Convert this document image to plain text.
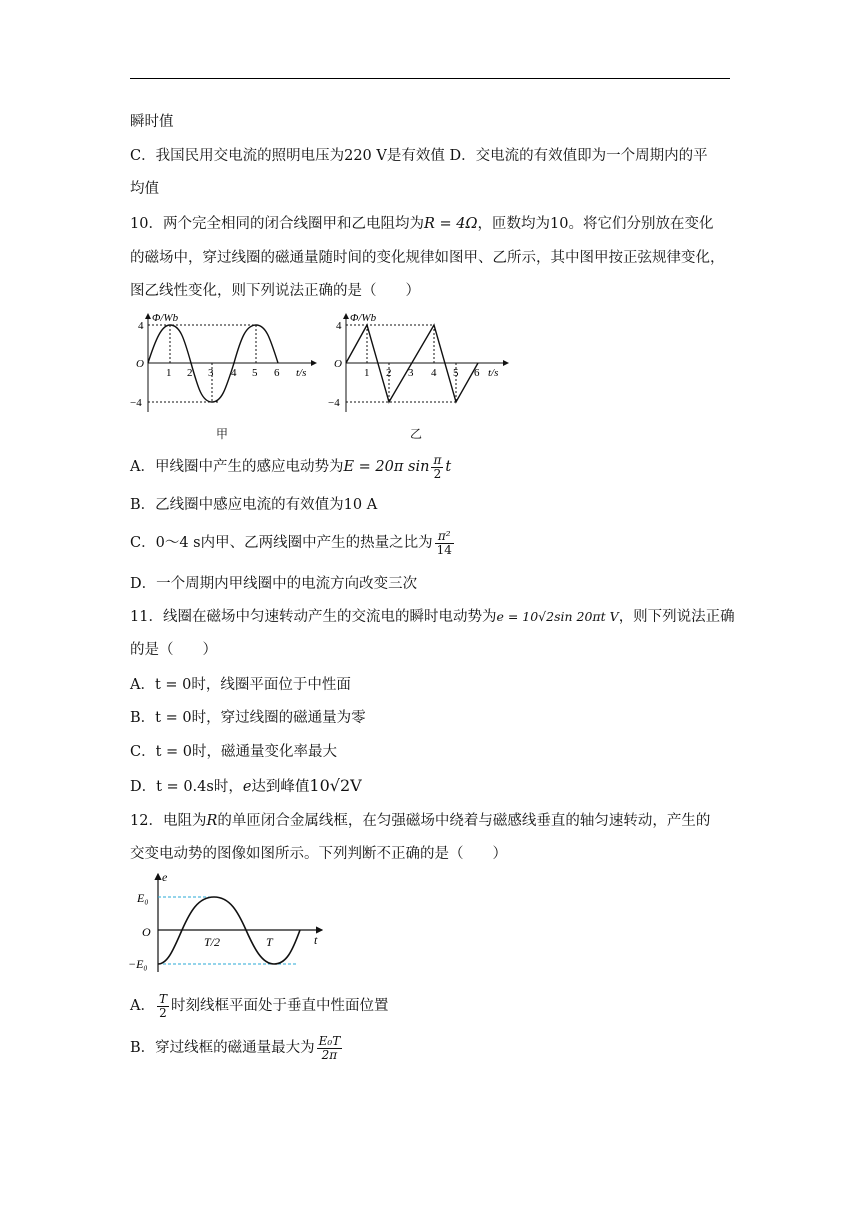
瞬时值
C．我国民用交电流的照明电压为220 V是有效值 D．交电流的有效值即为一个周期内的平
均值
10．两个完全相同的闭合线圈甲和乙电阻均为R = 4Ω，匝数均为10。将它们分别放在变化
的磁场中，穿过线圈的磁通量随时间的变化规律如图甲、乙所示，其中图甲按正弦规律变化，
图乙线性变化，则下列说法正确的是（　　）
Φ/Wb
4
−4
O
t/s
1 2 3 4 5 6
甲
Φ/Wb
4
−4
O
t/s
1 2 3 4 5 6
乙
A．甲线圈中产生的感应电动势为E = 20π $\sin \frac{\pi}{2}$ t
B．乙线圈中感应电流的有效值为10 A
C．0～4 s内甲、乙两线圈中产生的热量之比为 $\frac{\text{π²}}{14}$
D．一个周期内甲线圈中的电流方向改变三次
11．线圈在磁场中匀速转动产生的交流电的瞬时电动势为e = 10√2sin 20πt V，则下列说法正确
的是（　　）
A．t = 0时，线圈平面位于中性面
B．t = 0时，穿过线圈的磁通量为零
C．t = 0时，磁通量变化率最大
D．t = 0.4s时，e达到峰值10√2V
12．电阻为R的单匝闭合金属线框，在匀强磁场中绕着与磁感线垂直的轴匀速转动，产生的
交变电动势的图像如图所示。下列判断不正确的是（　　）
e
E₀
−E₀
O
t
T/2	T
A． $\frac{T}{2}$ 时刻线框平面处于垂直中性面位置
B．穿过线框的磁通量最大为 $\frac{\text{E₀T}}{2\pi}$
